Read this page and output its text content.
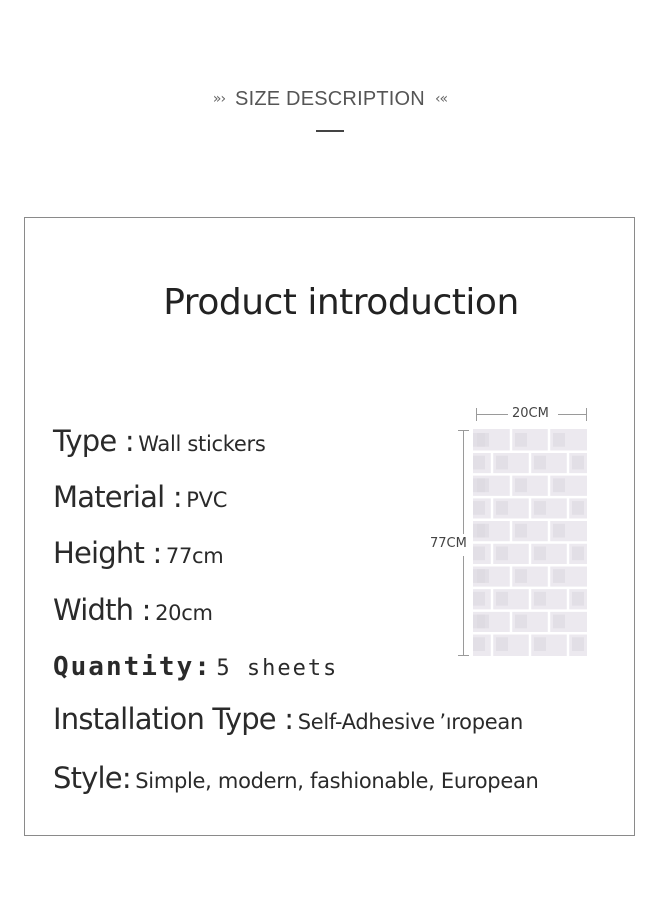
»› SIZE DESCRIPTION ‹«
Product introduction
Type : Wall stickers
Material : PVC
Height : 77cm
Width : 20cm
Quantity: 5 sheets
Installation Type : Self-Adhesive ’ıropean
Style: Simple, modern, fashionable, European
20CM
77CM
